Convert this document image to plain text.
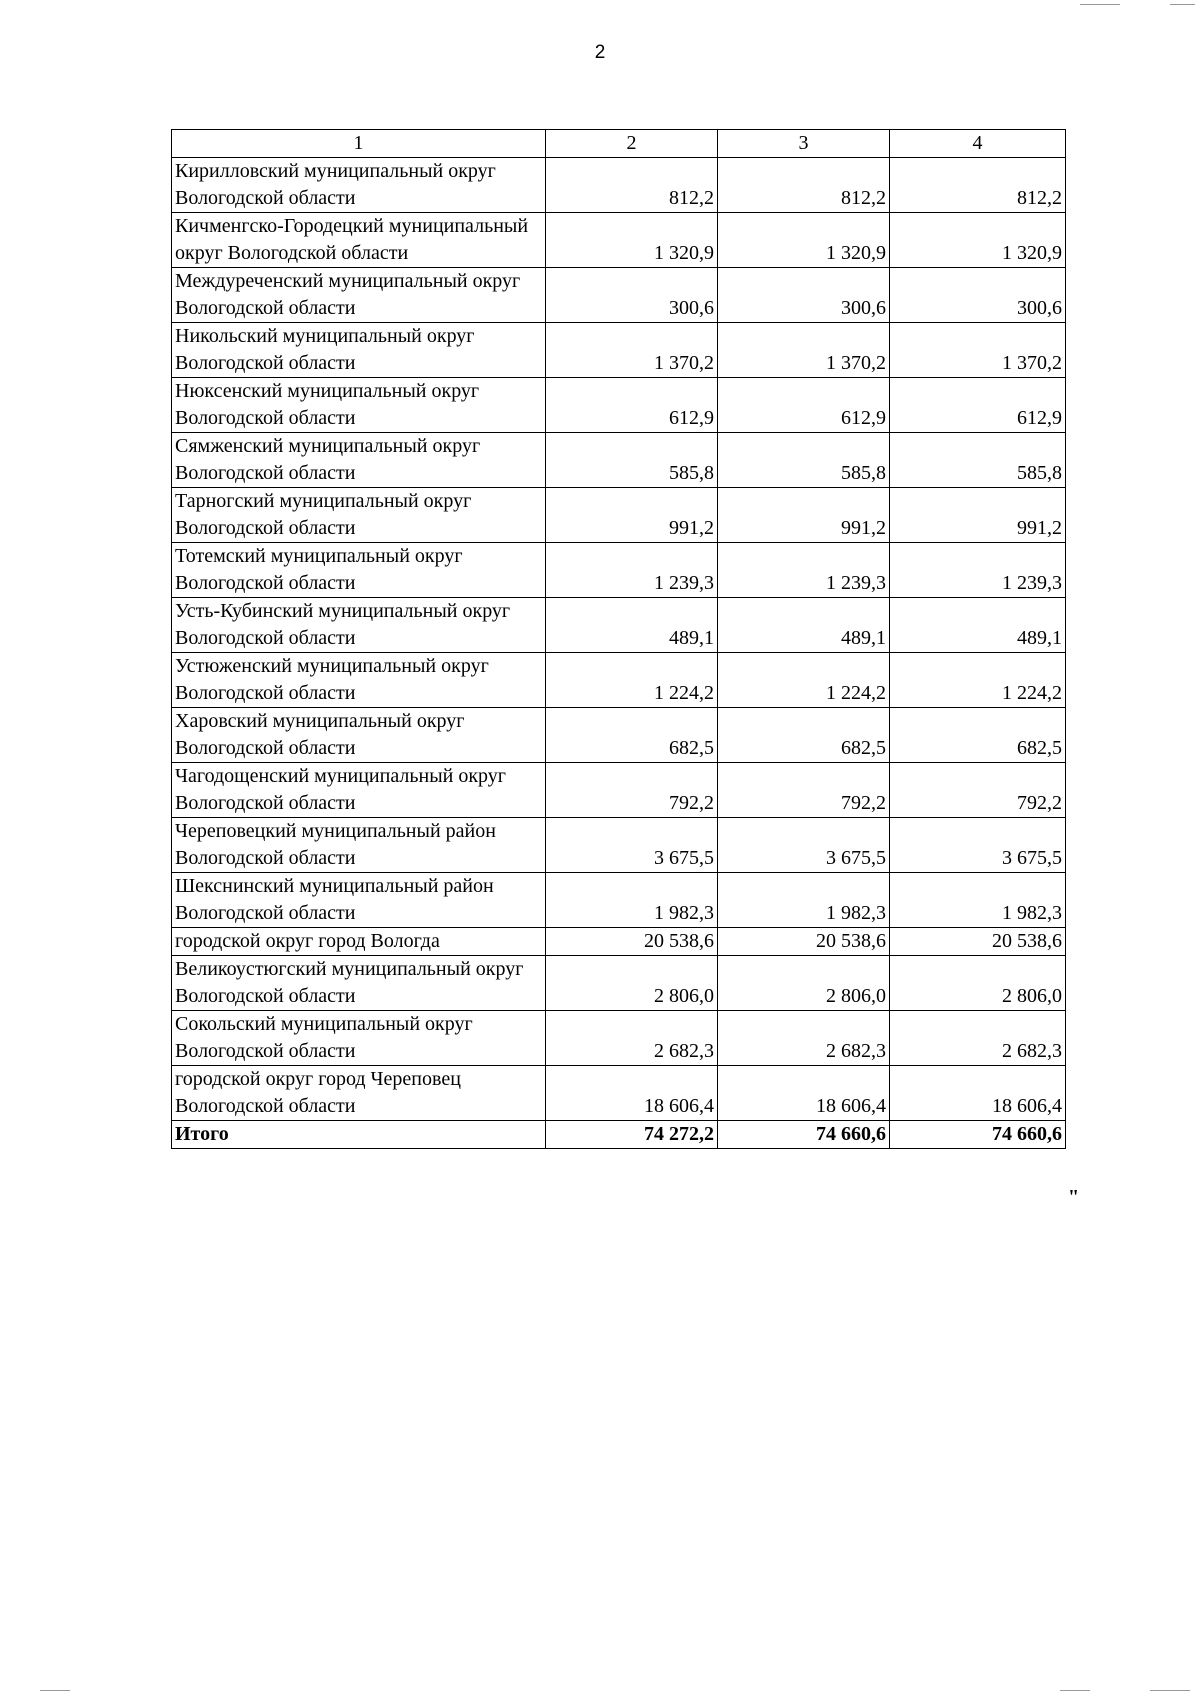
2
1	2	3	4
Кирилловский муниципальный округ Вологодской области	812,2	812,2	812,2
Кичменгско-Городецкий муниципальный округ Вологодской области	1 320,9	1 320,9	1 320,9
Междуреченский муниципальный округ Вологодской области	300,6	300,6	300,6
Никольский муниципальный округ Вологодской области	1 370,2	1 370,2	1 370,2
Нюксенский муниципальный округ Вологодской области	612,9	612,9	612,9
Сямженский муниципальный округ Вологодской области	585,8	585,8	585,8
Тарногский муниципальный округ Вологодской области	991,2	991,2	991,2
Тотемский муниципальный округ Вологодской области	1 239,3	1 239,3	1 239,3
Усть-Кубинский муниципальный округ Вологодской области	489,1	489,1	489,1
Устюженский муниципальный округ Вологодской области	1 224,2	1 224,2	1 224,2
Харовский муниципальный округ Вологодской области	682,5	682,5	682,5
Чагодощенский муниципальный округ Вологодской области	792,2	792,2	792,2
Череповецкий муниципальный район Вологодской области	3 675,5	3 675,5	3 675,5
Шекснинский муниципальный район Вологодской области	1 982,3	1 982,3	1 982,3
городской округ город Вологда	20 538,6	20 538,6	20 538,6
Великоустюгский муниципальный округ Вологодской области	2 806,0	2 806,0	2 806,0
Сокольский муниципальный округ Вологодской области	2 682,3	2 682,3	2 682,3
городской округ город Череповец Вологодской области	18 606,4	18 606,4	18 606,4
Итого	74 272,2	74 660,6	74 660,6
"
